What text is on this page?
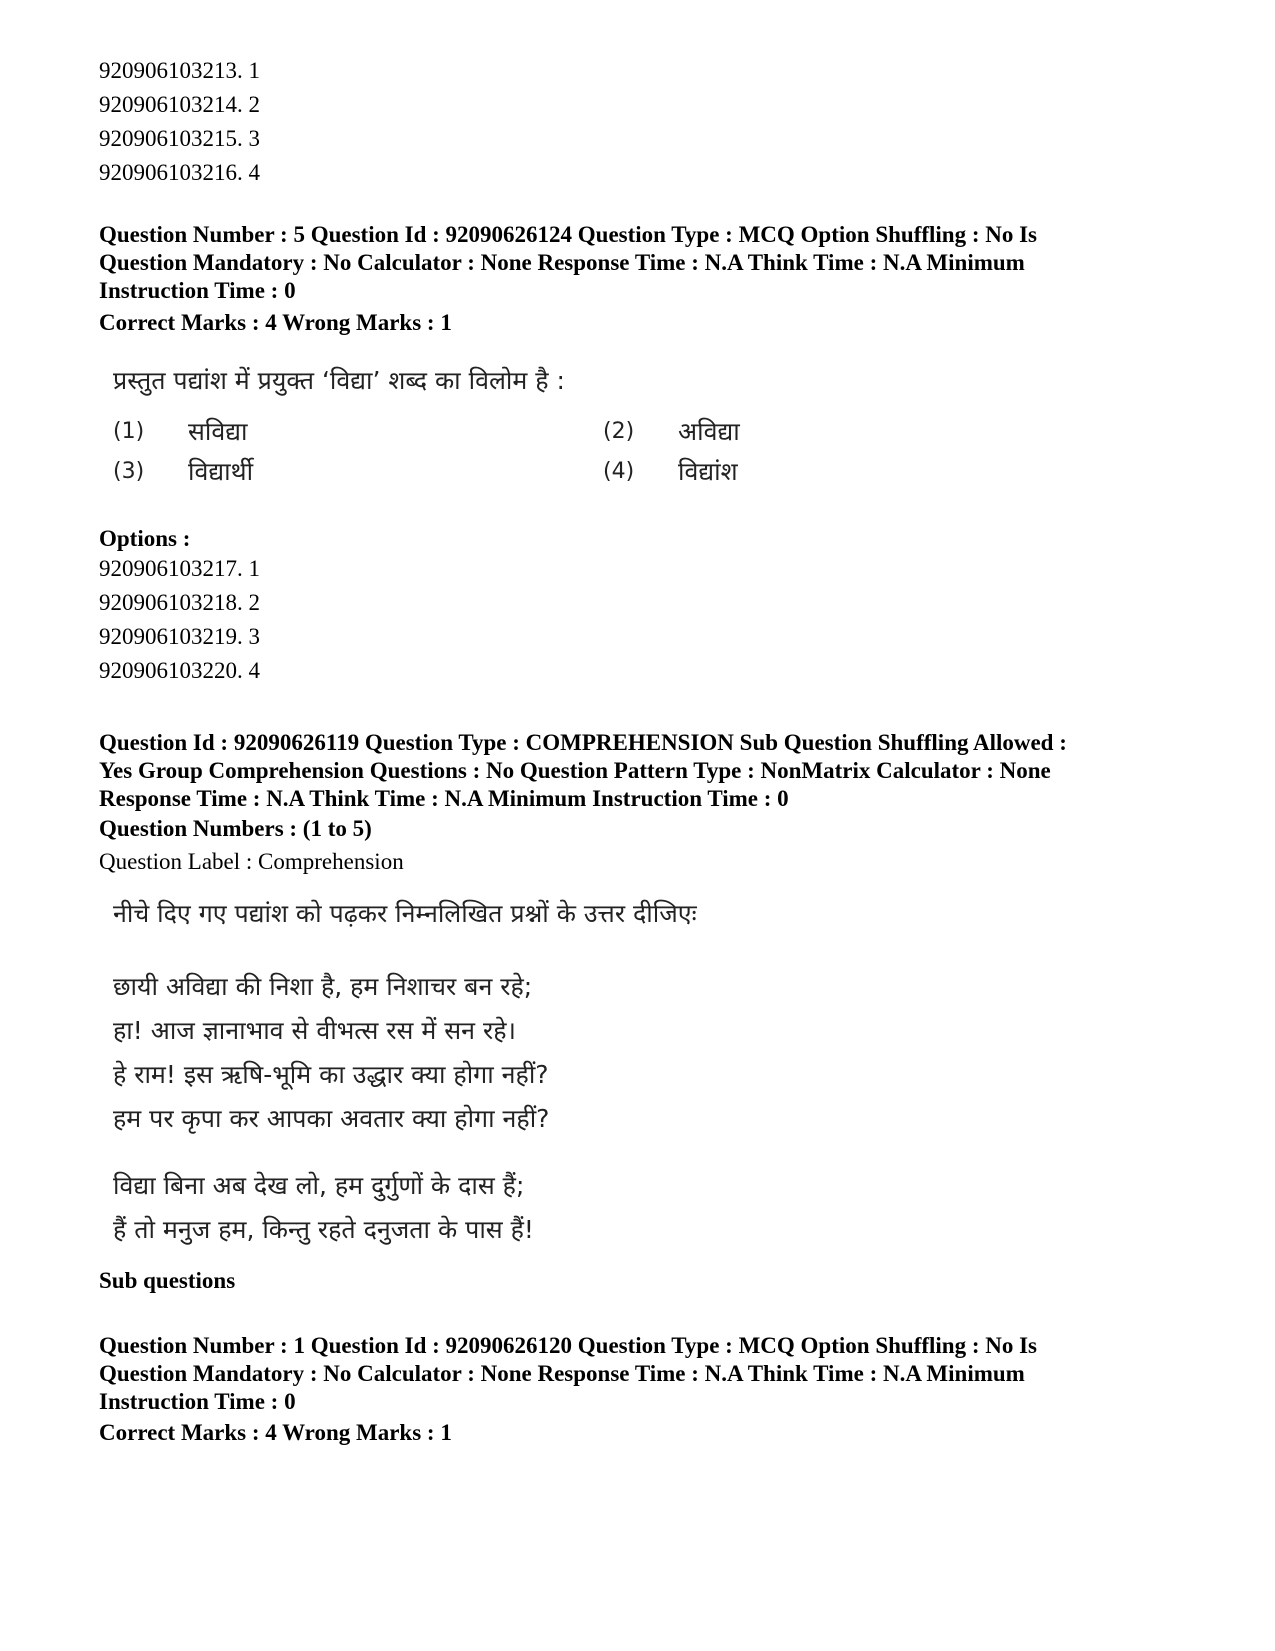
920906103213. 1
920906103214. 2
920906103215. 3
920906103216. 4
Question Number : 5 Question Id : 92090626124 Question Type : MCQ Option Shuffling : No Is
Question Mandatory : No Calculator : None Response Time : N.A Think Time : N.A Minimum
Instruction Time : 0
Correct Marks : 4 Wrong Marks : 1
प्रस्तुत पद्यांश में प्रयुक्त ‘विद्या’ शब्द का विलोम है :
(1)	सविद्या	(2)	अविद्या
(3)	विद्यार्थी	(4)	विद्यांश
Options :
920906103217. 1
920906103218. 2
920906103219. 3
920906103220. 4
Question Id : 92090626119 Question Type : COMPREHENSION Sub Question Shuffling Allowed :
Yes Group Comprehension Questions : No Question Pattern Type : NonMatrix Calculator : None
Response Time : N.A Think Time : N.A Minimum Instruction Time : 0
Question Numbers : (1 to 5)
Question Label : Comprehension
नीचे दिए गए पद्यांश को पढ़कर निम्नलिखित प्रश्नों के उत्तर दीजिएः
छायी अविद्या की निशा है, हम निशाचर बन रहे;
हा! आज ज्ञानाभाव से वीभत्स रस में सन रहे।
हे राम! इस ऋषि-भूमि का उद्धार क्या होगा नहीं?
हम पर कृपा कर आपका अवतार क्या होगा नहीं?
विद्या बिना अब देख लो, हम दुर्गुणों के दास हैं;
हैं तो मनुज हम, किन्तु रहते दनुजता के पास हैं!
Sub questions
Question Number : 1 Question Id : 92090626120 Question Type : MCQ Option Shuffling : No Is
Question Mandatory : No Calculator : None Response Time : N.A Think Time : N.A Minimum
Instruction Time : 0
Correct Marks : 4 Wrong Marks : 1
